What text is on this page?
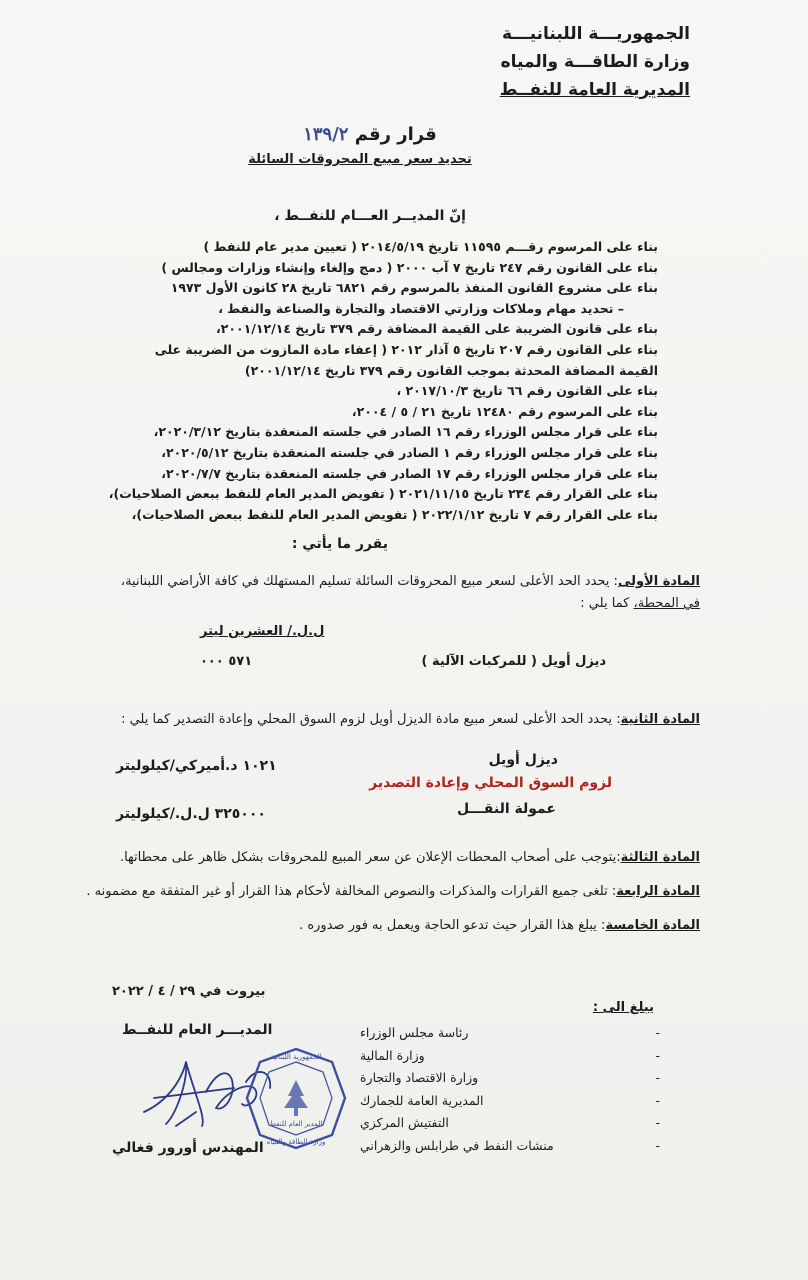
الجمهوريـــة اللبنانيـــة
وزارة الطاقـــة والمياه
المديرية العامة للنفــط
قرار رقم ١٣٩/٢
تحديد سعر مبيع المحروقات السائلة
إنّ المديــر العـــام للنفــط ،
بناء على المرسوم رقـــم ١١٥٩٥ تاريخ ٢٠١٤/٥/١٩ ( تعيين مدير عام للنفط )
بناء على القانون رقم ٢٤٧ تاريخ ٧ آب ٢٠٠٠ ( دمج وإلغاء وإنشاء وزارات ومجالس )
بناء على مشروع القانون المنفذ بالمرسوم رقم ٦٨٢١ تاريخ ٢٨ كانون الأول ١٩٧٣
– تحديد مهام وملاكات وزارتي الاقتصاد والتجارة والصناعة والنفط ،
بناء على قانون الضريبة على القيمة المضافة رقم ٣٧٩ تاريخ ٢٠٠١/١٢/١٤،
بناء على القانون رقم ٢٠٧ تاريخ ٥ آذار ٢٠١٢ ( إعفاء مادة المازوت من الضريبة على
القيمة المضافة المحدثة بموجب القانون رقم ٣٧٩ تاريخ ٢٠٠١/١٢/١٤)
بناء على القانون رقم ٦٦ تاريخ ٢٠١٧/١٠/٣ ،
بناء على المرسوم رقم ١٢٤٨٠ تاريخ ٢١ / ٥ / ٢٠٠٤،
بناء على قرار مجلس الوزراء رقم ١٦ الصادر في جلسته المنعقدة بتاريخ ٢٠٢٠/٣/١٢،
بناء على قرار مجلس الوزراء رقم ١ الصادر في جلسته المنعقدة بتاريخ ٢٠٢٠/٥/١٢،
بناء على قرار مجلس الوزراء رقم ١٧ الصادر في جلسته المنعقدة بتاريخ ٢٠٢٠/٧/٧،
بناء على القرار رقم ٢٣٤ تاريخ ٢٠٢١/١١/١٥ ( تفويض المدير العام للنفط ببعض الصلاحيات)،
بناء على القرار رقم ٧ تاريخ ٢٠٢٢/١/١٢ ( تفويض المدير العام للنفط ببعض الصلاحيات)،
يقرر ما يأتي :
المادة الأولى: يحدد الحد الأعلى لسعر مبيع المحروقات السائلة تسليم المستهلك في كافة الأراضي اللبنانية،
في المحطة، كما يلي :
ل.ل./ العشرين ليتر
ديزل أويل ( للمركبات الآلية )
٥٧١ ٠٠٠
المادة الثانية: يحدد الحد الأعلى لسعر مبيع مادة الديزل أويل لزوم السوق المحلي وإعادة التصدير كما يلي :
ديزل أويل
لزوم السوق المحلي وإعادة التصدير
عمولة النقـــل
١٠٢١ د.أميركي/كيلوليتر
٣٢٥٠٠٠ ل.ل./كيلوليتر
المادة الثالثة:يتوجب على أصحاب المحطات الإعلان عن سعر المبيع للمحروقات بشكل ظاهر على محطاتها.
المادة الرابعة: تلغى جميع القرارات والمذكرات والنصوص المخالفة لأحكام هذا القرار أو غير المتفقة مع مضمونه .
المادة الخامسة: يبلغ هذا القرار حيث تدعو الحاجة ويعمل به فور صدوره .
بيروت في ٢٩ / ٤ / ٢٠٢٢
المديـــر العام للنفــط
الجمهورية اللبنانية
المدير العام للنفط
وزارة الطاقة والمياه
المهندس أورور فغالي
يبلغ الى :
-
رئاسة مجلس الوزراء
-
وزارة المالية
-
وزارة الاقتصاد والتجارة
-
المديرية العامة للجمارك
-
التفتيش المركزي
-
منشات النفط في طرابلس والزهراني
